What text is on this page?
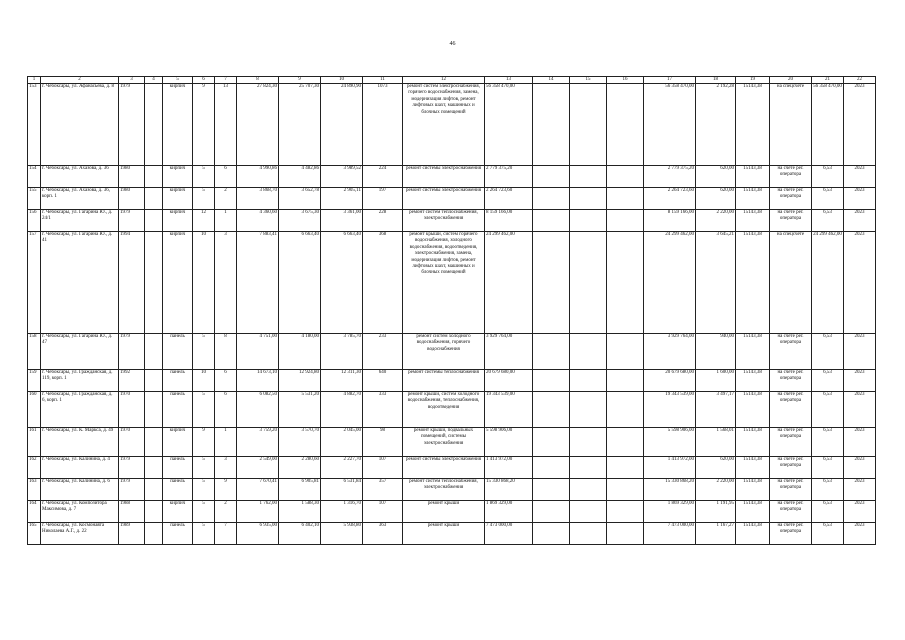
46
1	2	3	4	5	6	7	8	9	10	11	12	13	14	15	16	17	18	19	20	21	22
153	г. Чебоксары, ул. Афанасьева, д. 8	1979		кирпич	9	13	27 824,30	25 707,30	24 890,90	1073	ремонт систем электроснабжения, горячего водоснабжения, замена, модернизация лифтов, ремонт лифтовых шахт, машинных и блочных помещений	56 358 470,00				56 358 470,00	2 192,28	15143,38	на спецсчете	56 358 470,00	2023
154	г. Чебоксары, ул. Ахазова, д. 36	1980		кирпич	5	6	4 990,86	4 482,86	3 989,52	224	ремонт системы электроснабжения	2 779 375,20				2 779 375,20	620,00	15143,38	на счете рег. оператора	6,53	2023
155	г. Чебоксары, ул. Ахазова, д. 36, корп. 1	1980		кирпич	5	2	3 868,70	3 652,78	2 905,11	197	ремонт системы электроснабжения	2 264 723,60				2 264 723,60	620,00	15143,38	на счете рег. оператора	6,53	2023
156	г. Чебоксары, ул. Гагарина Ю., д. 24/1	1979		кирпич	12	1	4 360,60	3 675,30	3 361,00	228	ремонт систем теплоснабжения, электроснабжения	8 159 166,00				8 159 166,00	2 220,00	15143,38	на счете рег. оператора	6,53	2023
157	г. Чебоксары, ул. Гагарина Ю., д. 41	1994		кирпич	10	3	7 883,41	6 663,40	6 663,40	368	ремонт крыши, систем горячего водоснабжения, холодного водоснабжения, водоотведения, электроснабжения, замена, модернизация лифтов, ремонт лифтовых шахт, машинных и блочных помещений	24 299 462,00				24 299 462,00	3 645,21	15143,38	на спецсчете	24 299 462,00	2023
158	г. Чебоксары, ул. Гагарина Ю., д. 47	1979		панель	5	8	4 751,00	4 180,00	3 785,70	233	ремонт систем холодного водоснабжения, горячего водоснабжения	3 929 764,00				3 929 764,00	940,00	15143,38	на счете рег. оператора	6,53	2023
159	г. Чебоксары, ул. Гражданская, д. 119, корп. 1	1992		панель	10	6	14 673,10	12 924,80	12 311,30	640	ремонт системы теплоснабжения	20 679 680,00				20 679 680,00	1 600,00	15143,38	на счете рег. оператора	6,53	2023
160	г. Чебоксары, ул. Гражданская, д. 6, корп. 1	1970		панель	5	6	6 082,50	5 531,20	4 882,70	333	ремонт крыши, систем холодного водоснабжения, теплоснабжения, водоотведения	19 343 539,00				19 343 539,00	3 497,17	15143,38	на счете рег. оператора	6,53	2023
161	г. Чебоксары, ул. К. Маркса, д. 49	1970		кирпич	9	1	3 759,20	3 570,70	2 045,00	98	ремонт крыши, подвальных помещений, системы электроснабжения	5 598 906,00				5 598 906,00	1 568,01	15143,38	на счете рег. оператора	6,53	2023
162	г. Чебоксары, ул. Калинина, д. 4	1979		панель	5	3	2 549,00	2 280,60	2 227,70	107	ремонт системы электроснабжения	1 413 972,00				1 413 972,00	620,00	15143,38	на счете рег. оператора	6,53	2023
163	г. Чебоксары, ул. Калинина, д. 6	1979		панель	5	9	7 670,41	6 905,81	6 531,84	357	ремонт систем теплоснабжения, электроснабжения	15 330 868,20				15 330 868,20	2 220,00	15143,38	на счете рег. оператора	6,53	2023
164	г. Чебоксары, ул. Композитора Максимова, д. 7	1988		кирпич	5	2	1 762,00	1 588,30	1 316,70	107	ремонт крыши	1 869 329,00				1 869 329,00	1 191,95	15143,38	на счете рег. оператора	6,53	2023
165	г. Чебоксары, ул. Космонавта Николаева А.Г., д. 22	1989		панель	5	7	6 935,00	6 402,10	5 938,80	363	ремонт крыши	7 473 000,00				7 473 000,00	1 167,27	15143,38	на счете рег. оператора	6,53	2023
